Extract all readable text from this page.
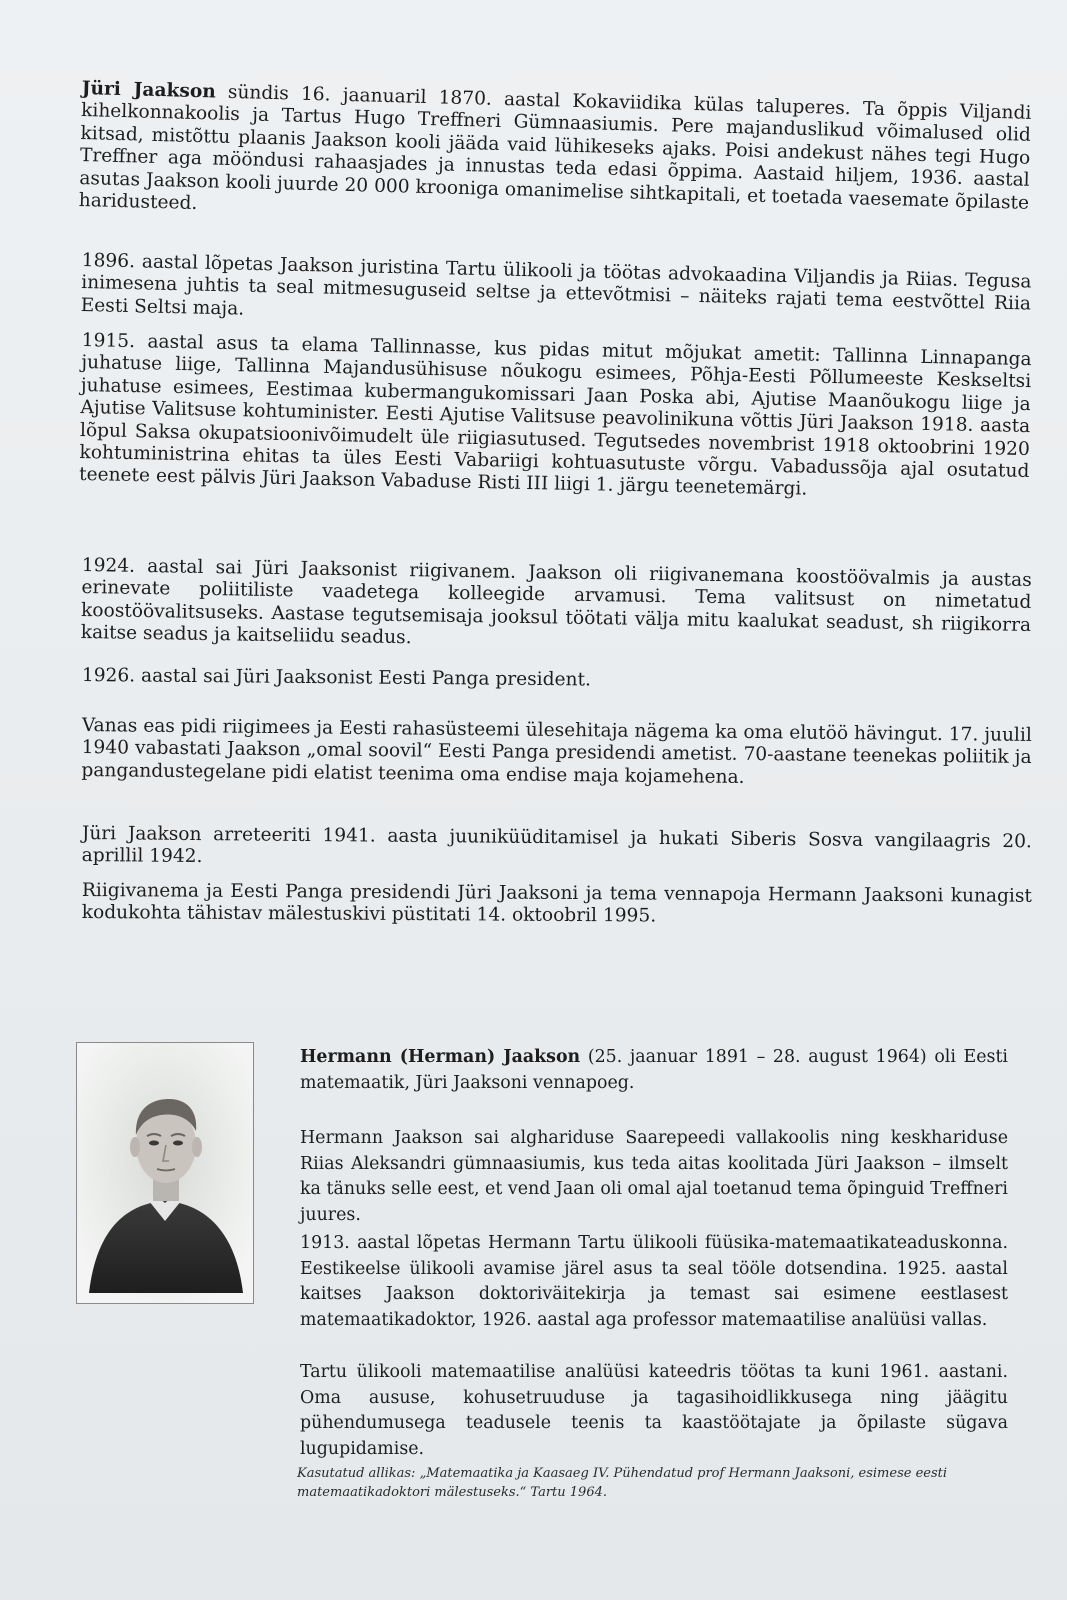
Jüri Jaakson sündis 16. jaanuaril 1870. aastal Kokaviidika külas taluperes. Ta õppis Viljandi kihelkonnakoolis ja Tartus Hugo Treffneri Gümnaasiumis. Pere majanduslikud võimalused olid kitsad, mistõttu plaanis Jaakson kooli jääda vaid lühikeseks ajaks. Poisi andekust nähes tegi Hugo Treffner aga mööndusi rahaasjades ja innustas teda edasi õppima. Aastaid hiljem, 1936. aastal asutas Jaakson kooli juurde 20 000 krooniga omanimelise sihtkapitali, et toetada vaesemate õpilaste haridusteed.

1896. aastal lõpetas Jaakson juristina Tartu ülikooli ja töötas advokaadina Viljandis ja Riias. Tegusa inimesena juhtis ta seal mitmesuguseid seltse ja ettevõtmisi – näiteks rajati tema eestvõttel Riia Eesti Seltsi maja.

1915. aastal asus ta elama Tallinnasse, kus pidas mitut mõjukat ametit: Tallinna Linnapanga juhatuse liige, Tallinna Majandusühisuse nõukogu esimees, Põhja-Eesti Põllumeeste Keskseltsi juhatuse esimees, Eestimaa kubermangukomissari Jaan Poska abi, Ajutise Maanõukogu liige ja Ajutise Valitsuse kohtuminister. Eesti Ajutise Valitsuse peavolinikuna võttis Jüri Jaakson 1918. aasta lõpul Saksa okupatsioonivõimudelt üle riigiasutused. Tegutsedes novembrist 1918 oktoobrini 1920 kohtuministrina ehitas ta üles Eesti Vabariigi kohtuasutuste võrgu. Vabadussõja ajal osutatud teenete eest pälvis Jüri Jaakson Vabaduse Risti III liigi 1. järgu teenetemärgi.

1924. aastal sai Jüri Jaaksonist riigivanem. Jaakson oli riigivanemana koostöövalmis ja austas erinevate poliitiliste vaadetega kolleegide arvamusi. Tema valitsust on nimetatud koostöövalitsuseks. Aastase tegutsemisaja jooksul töötati välja mitu kaalukat seadust, sh riigikorra kaitse seadus ja kaitseliidu seadus.

1926. aastal sai Jüri Jaaksonist Eesti Panga president.

Vanas eas pidi riigimees ja Eesti rahasüsteemi ülesehitaja nägema ka oma elutöö hävingut. 17. juulil 1940 vabastati Jaakson „omal soovil“ Eesti Panga presidendi ametist. 70-aastane teenekas poliitik ja pangandustegelane pidi elatist teenima oma endise maja kojamehena.

Jüri Jaakson arreteeriti 1941. aasta juuniküüditamisel ja hukati Siberis Sosva vangilaagris 20. aprillil 1942.

Riigivanema ja Eesti Panga presidendi Jüri Jaaksoni ja tema vennapoja Hermann Jaaksoni kunagist kodukohta tähistav mälestuskivi püstitati 14. oktoobril 1995.

Hermann (Herman) Jaakson (25. jaanuar 1891 – 28. august 1964) oli Eesti matemaatik, Jüri Jaaksoni vennapoeg.

Hermann Jaakson sai alghariduse Saarepeedi vallakoolis ning keskhariduse Riias Aleksandri gümnaasiumis, kus teda aitas koolitada Jüri Jaakson – ilmselt ka tänuks selle eest, et vend Jaan oli omal ajal toetanud tema õpinguid Treffneri juures.

1913. aastal lõpetas Hermann Tartu ülikooli füüsika-matemaatikateaduskonna. Eestikeelse ülikooli avamise järel asus ta seal tööle dotsendina. 1925. aastal kaitses Jaakson doktoriväitekirja ja temast sai esimene eestlasest matemaatikadoktor, 1926. aastal aga professor matemaatilise analüüsi vallas.

Tartu ülikooli matemaatilise analüüsi kateedris töötas ta kuni 1961. aastani. Oma aususe, kohusetruuduse ja tagasihoidlikkusega ning jäägitu pühendumusega teadusele teenis ta kaastöötajate ja õpilaste sügava lugupidamise.

Kasutatud allikas: „Matemaatika ja Kaasaeg IV. Pühendatud prof Hermann Jaaksoni, esimese eesti matemaatikadoktori mälestuseks.“ Tartu 1964.
